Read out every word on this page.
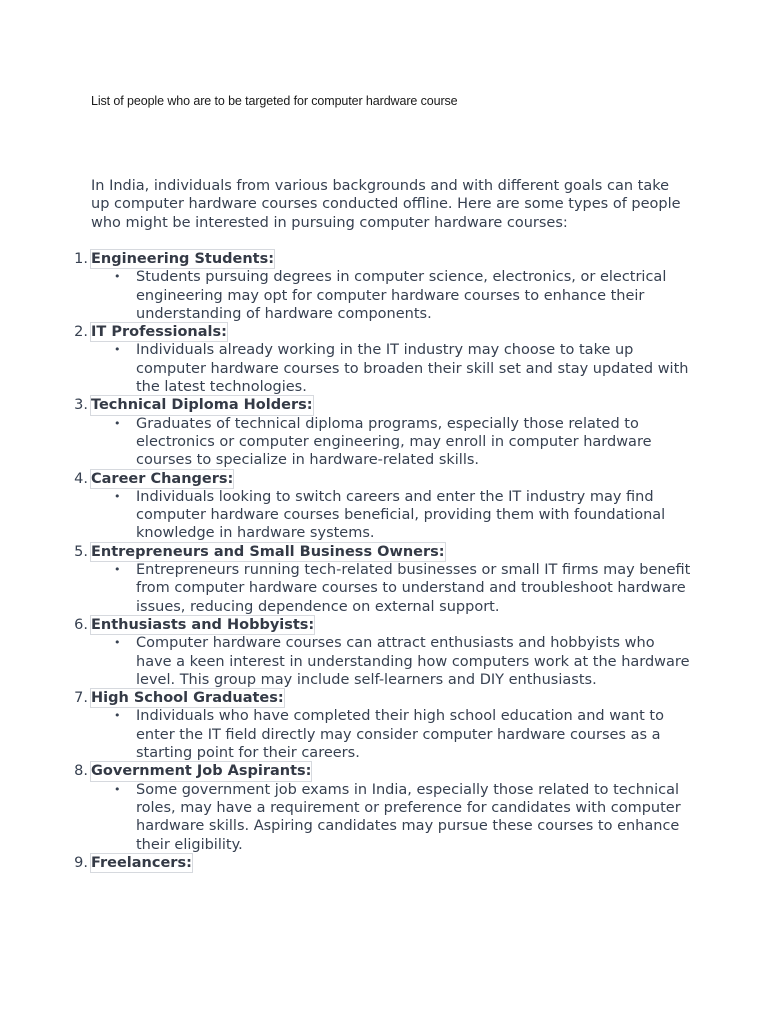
List of people who are to be targeted for computer hardware course

In India, individuals from various backgrounds and with different goals can take up computer hardware courses conducted offline. Here are some types of people who might be interested in pursuing computer hardware courses:

1. Engineering Students:
• Students pursuing degrees in computer science, electronics, or electrical engineering may opt for computer hardware courses to enhance their understanding of hardware components.
2. IT Professionals:
• Individuals already working in the IT industry may choose to take up computer hardware courses to broaden their skill set and stay updated with the latest technologies.
3. Technical Diploma Holders:
• Graduates of technical diploma programs, especially those related to electronics or computer engineering, may enroll in computer hardware courses to specialize in hardware-related skills.
4. Career Changers:
• Individuals looking to switch careers and enter the IT industry may find computer hardware courses beneficial, providing them with foundational knowledge in hardware systems.
5. Entrepreneurs and Small Business Owners:
• Entrepreneurs running tech-related businesses or small IT firms may benefit from computer hardware courses to understand and troubleshoot hardware issues, reducing dependence on external support.
6. Enthusiasts and Hobbyists:
• Computer hardware courses can attract enthusiasts and hobbyists who have a keen interest in understanding how computers work at the hardware level. This group may include self-learners and DIY enthusiasts.
7. High School Graduates:
• Individuals who have completed their high school education and want to enter the IT field directly may consider computer hardware courses as a starting point for their careers.
8. Government Job Aspirants:
• Some government job exams in India, especially those related to technical roles, may have a requirement or preference for candidates with computer hardware skills. Aspiring candidates may pursue these courses to enhance their eligibility.
9. Freelancers:
